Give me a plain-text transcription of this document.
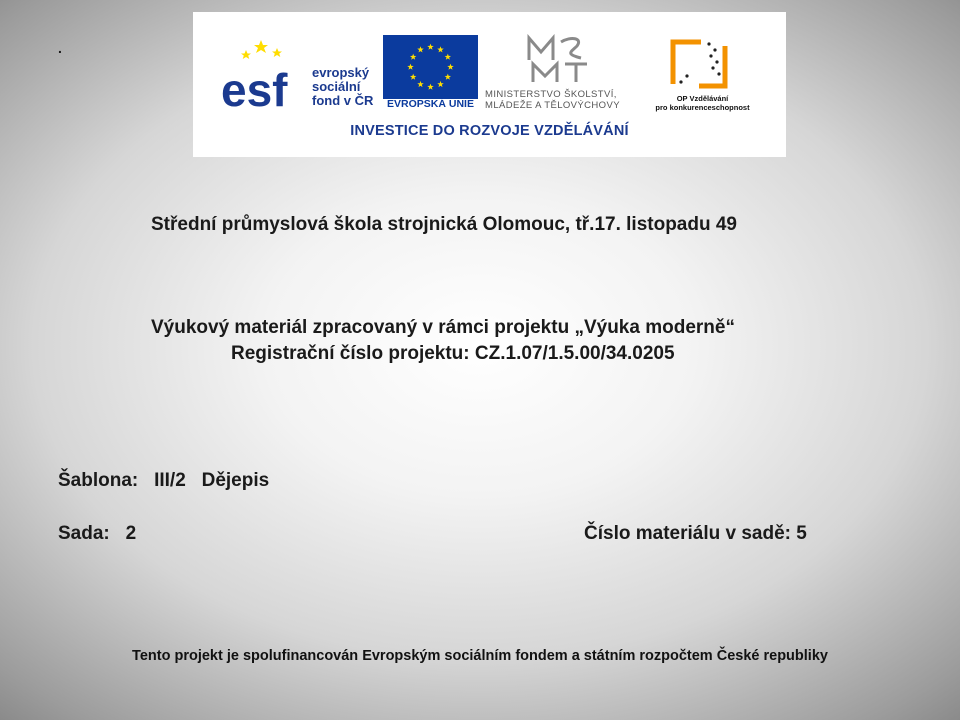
.
esf evropský
sociální
fond v ČR	EVROPSKÁ UNIE
MINISTERSTVO ŠKOLSTVÍ,
MLÁDEŽE A TĚLOVÝCHOVY
OP Vzdělávání
pro konkurenceschopnost
INVESTICE DO ROZVOJE VZDĚLÁVÁNÍ
Střední průmyslová škola strojnická Olomouc, tř.17. listopadu 49
Výukový materiál zpracovaný v rámci projektu „Výuka moderně“
Registrační číslo projektu: CZ.1.07/1.5.00/34.0205
Šablona: III/2 Dějepis
Sada: 2	Číslo materiálu v sadě: 5
Tento projekt je spolufinancován Evropským sociálním fondem a státním rozpočtem České republiky
